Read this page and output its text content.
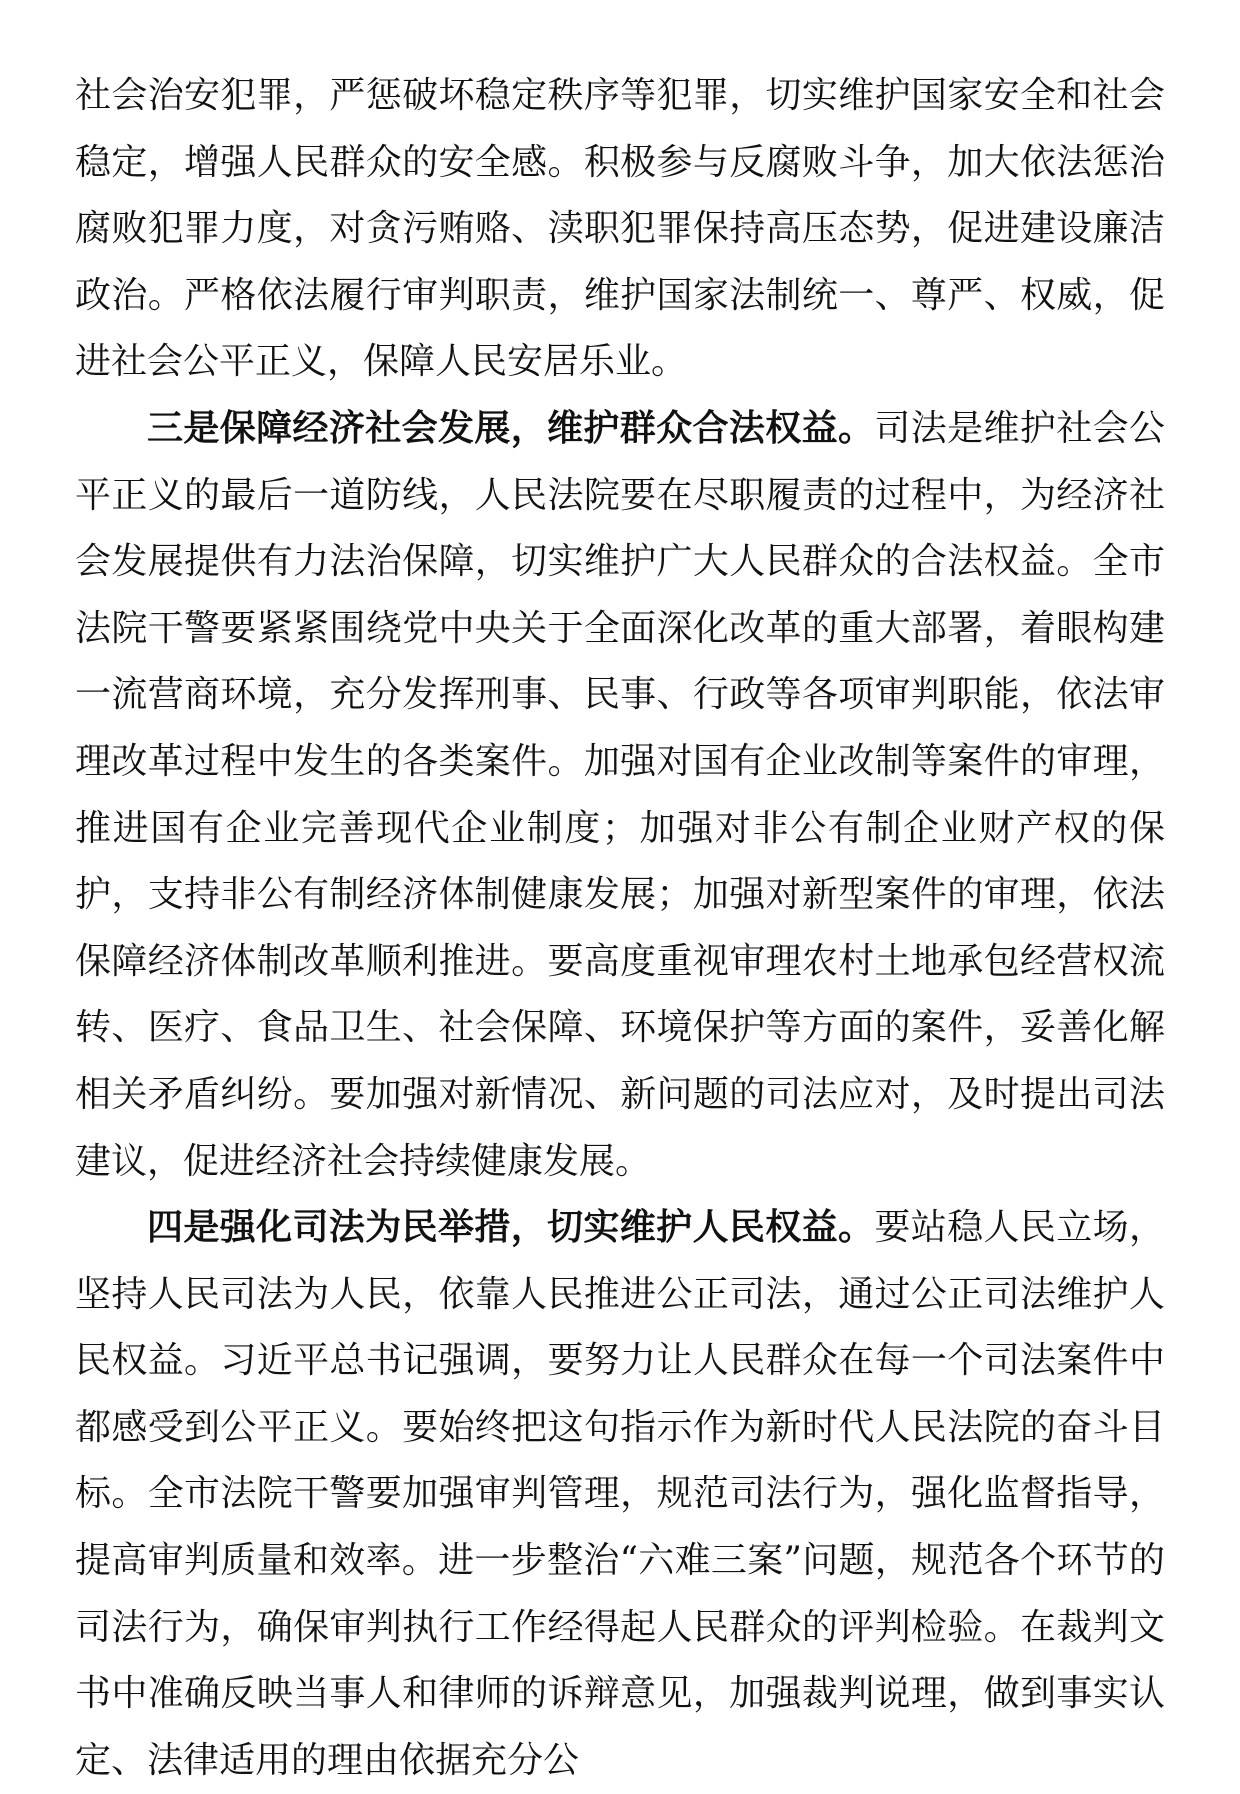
社会治安犯罪，严惩破坏稳定秩序等犯罪，切实维护国家安全和社会稳定，增强人民群众的安全感。积极参与反腐败斗争，加大依法惩治腐败犯罪力度，对贪污贿赂、渎职犯罪保持高压态势，促进建设廉洁政治。严格依法履行审判职责，维护国家法制统一、尊严、权威，促进社会公平正义，保障人民安居乐业。

三是保障经济社会发展，维护群众合法权益。司法是维护社会公平正义的最后一道防线，人民法院要在尽职履责的过程中，为经济社会发展提供有力法治保障，切实维护广大人民群众的合法权益。全市法院干警要紧紧围绕党中央关于全面深化改革的重大部署，着眼构建一流营商环境，充分发挥刑事、民事、行政等各项审判职能，依法审理改革过程中发生的各类案件。加强对国有企业改制等案件的审理，推进国有企业完善现代企业制度；加强对非公有制企业财产权的保护，支持非公有制经济体制健康发展；加强对新型案件的审理，依法保障经济体制改革顺利推进。要高度重视审理农村土地承包经营权流转、医疗、食品卫生、社会保障、环境保护等方面的案件，妥善化解相关矛盾纠纷。要加强对新情况、新问题的司法应对，及时提出司法建议，促进经济社会持续健康发展。

四是强化司法为民举措，切实维护人民权益。要站稳人民立场，坚持人民司法为人民，依靠人民推进公正司法，通过公正司法维护人民权益。习近平总书记强调，要努力让人民群众在每一个司法案件中都感受到公平正义。要始终把这句指示作为新时代人民法院的奋斗目标。全市法院干警要加强审判管理，规范司法行为，强化监督指导，提高审判质量和效率。进一步整治“六难三案”问题，规范各个环节的司法行为，确保审判执行工作经得起人民群众的评判检验。在裁判文书中准确反映当事人和律师的诉辩意见，加强裁判说理，做到事实认定、法律适用的理由依据充分公
